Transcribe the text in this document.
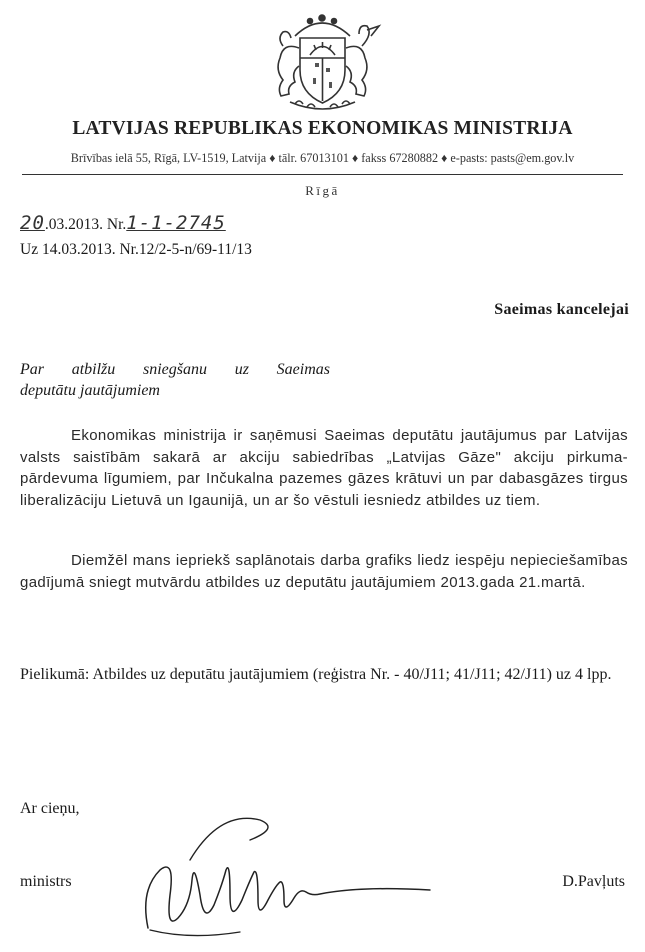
LATVIJAS REPUBLIKAS EKONOMIKAS MINISTRIJA
Brīvības ielā 55, Rīgā, LV-1519, Latvija ♦ tālr. 67013101 ♦ fakss 67280882 ♦ e-pasts: pasts@em.gov.lv
Rīgā
20.03.2013. Nr.1-1-2745
Uz 14.03.2013. Nr.12/2-5-n/69-11/13
Saeimas kancelejai
Par atbilžu sniegšanu uz Saeimas
deputātu jautājumiem

Ekonomikas ministrija ir saņēmusi Saeimas deputātu jautājumus par Latvijas valsts saistībām sakarā ar akciju sabiedrības „Latvijas Gāze" akciju pirkuma-pārdevuma līgumiem, par Inčukalna pazemes gāzes krātuvi un par dabasgāzes tirgus liberalizāciju Lietuvā un Igaunijā, un ar šo vēstuli iesniedz atbildes uz tiem.

Diemžēl mans iepriekš saplānotais darba grafiks liedz iespēju nepieciešamības gadījumā sniegt mutvārdu atbildes uz deputātu jautājumiem 2013.gada 21.martā.

Pielikumā: Atbildes uz deputātu jautājumiem (reģistra Nr. - 40/J11; 41/J11; 42/J11) uz 4 lpp.

Ar cieņu,
ministrs	D.Pavļuts
